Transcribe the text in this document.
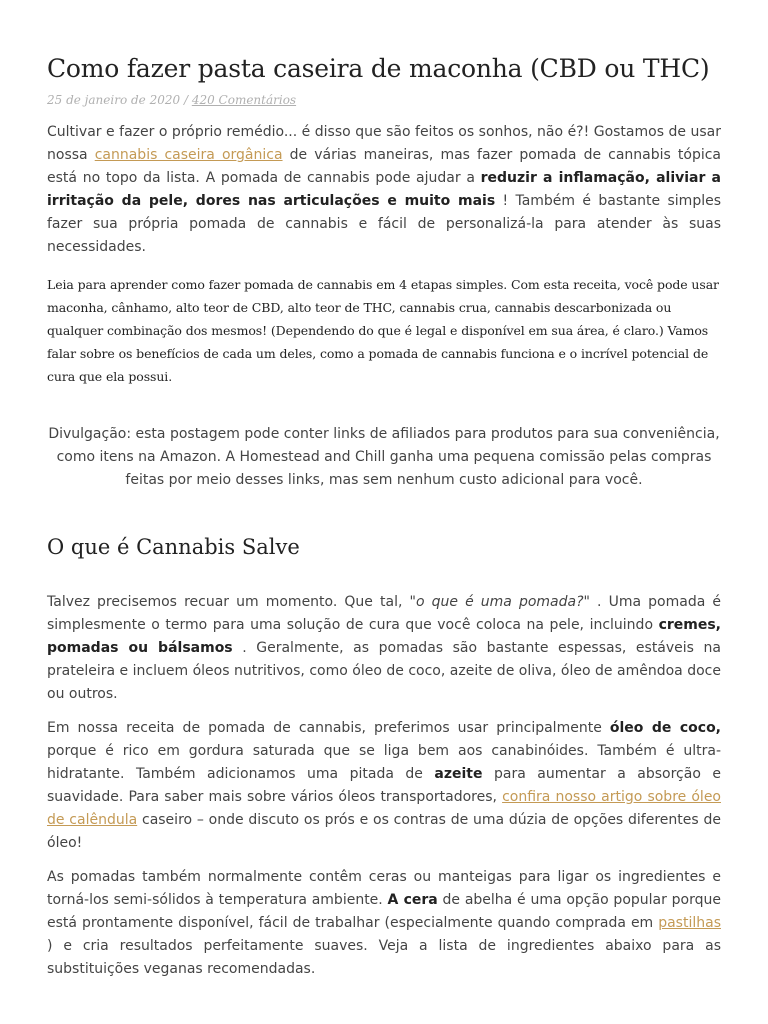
Como fazer pasta caseira de maconha (CBD ou THC)
25 de janeiro de 2020 / 420 Comentários

Cultivar e fazer o próprio remédio... é disso que são feitos os sonhos, não é?! Gostamos de usar nossa cannabis caseira orgânica de várias maneiras, mas fazer pomada de cannabis tópica está no topo da lista. A pomada de cannabis pode ajudar a reduzir a inflamação, aliviar a irritação da pele, dores nas articulações e muito mais ! Também é bastante simples fazer sua própria pomada de cannabis e fácil de personalizá-la para atender às suas necessidades.

Leia para aprender como fazer pomada de cannabis em 4 etapas simples. Com esta receita, você pode usar maconha, cânhamo, alto teor de CBD, alto teor de THC, cannabis crua, cannabis descarbonizada ou qualquer combinação dos mesmos! (Dependendo do que é legal e disponível em sua área, é claro.) Vamos falar sobre os benefícios de cada um deles, como a pomada de cannabis funciona e o incrível potencial de cura que ela possui.

Divulgação: esta postagem pode conter links de afiliados para produtos para sua conveniência, como itens na Amazon. A Homestead and Chill ganha uma pequena comissão pelas compras feitas por meio desses links, mas sem nenhum custo adicional para você.

O que é Cannabis Salve

Talvez precisemos recuar um momento. Que tal, "o que é uma pomada?" . Uma pomada é simplesmente o termo para uma solução de cura que você coloca na pele, incluindo cremes, pomadas ou bálsamos . Geralmente, as pomadas são bastante espessas, estáveis na prateleira e incluem óleos nutritivos, como óleo de coco, azeite de oliva, óleo de amêndoa doce ou outros.

Em nossa receita de pomada de cannabis, preferimos usar principalmente óleo de coco, porque é rico em gordura saturada que se liga bem aos canabinóides. Também é ultra-hidratante. Também adicionamos uma pitada de azeite para aumentar a absorção e suavidade. Para saber mais sobre vários óleos transportadores, confira nosso artigo sobre óleo de calêndula caseiro – onde discuto os prós e os contras de uma dúzia de opções diferentes de óleo!

As pomadas também normalmente contêm ceras ou manteigas para ligar os ingredientes e torná-los semi-sólidos à temperatura ambiente. A cera de abelha é uma opção popular porque está prontamente disponível, fácil de trabalhar (especialmente quando comprada em pastilhas ) e cria resultados perfeitamente suaves. Veja a lista de ingredientes abaixo para as substituições veganas recomendadas.
